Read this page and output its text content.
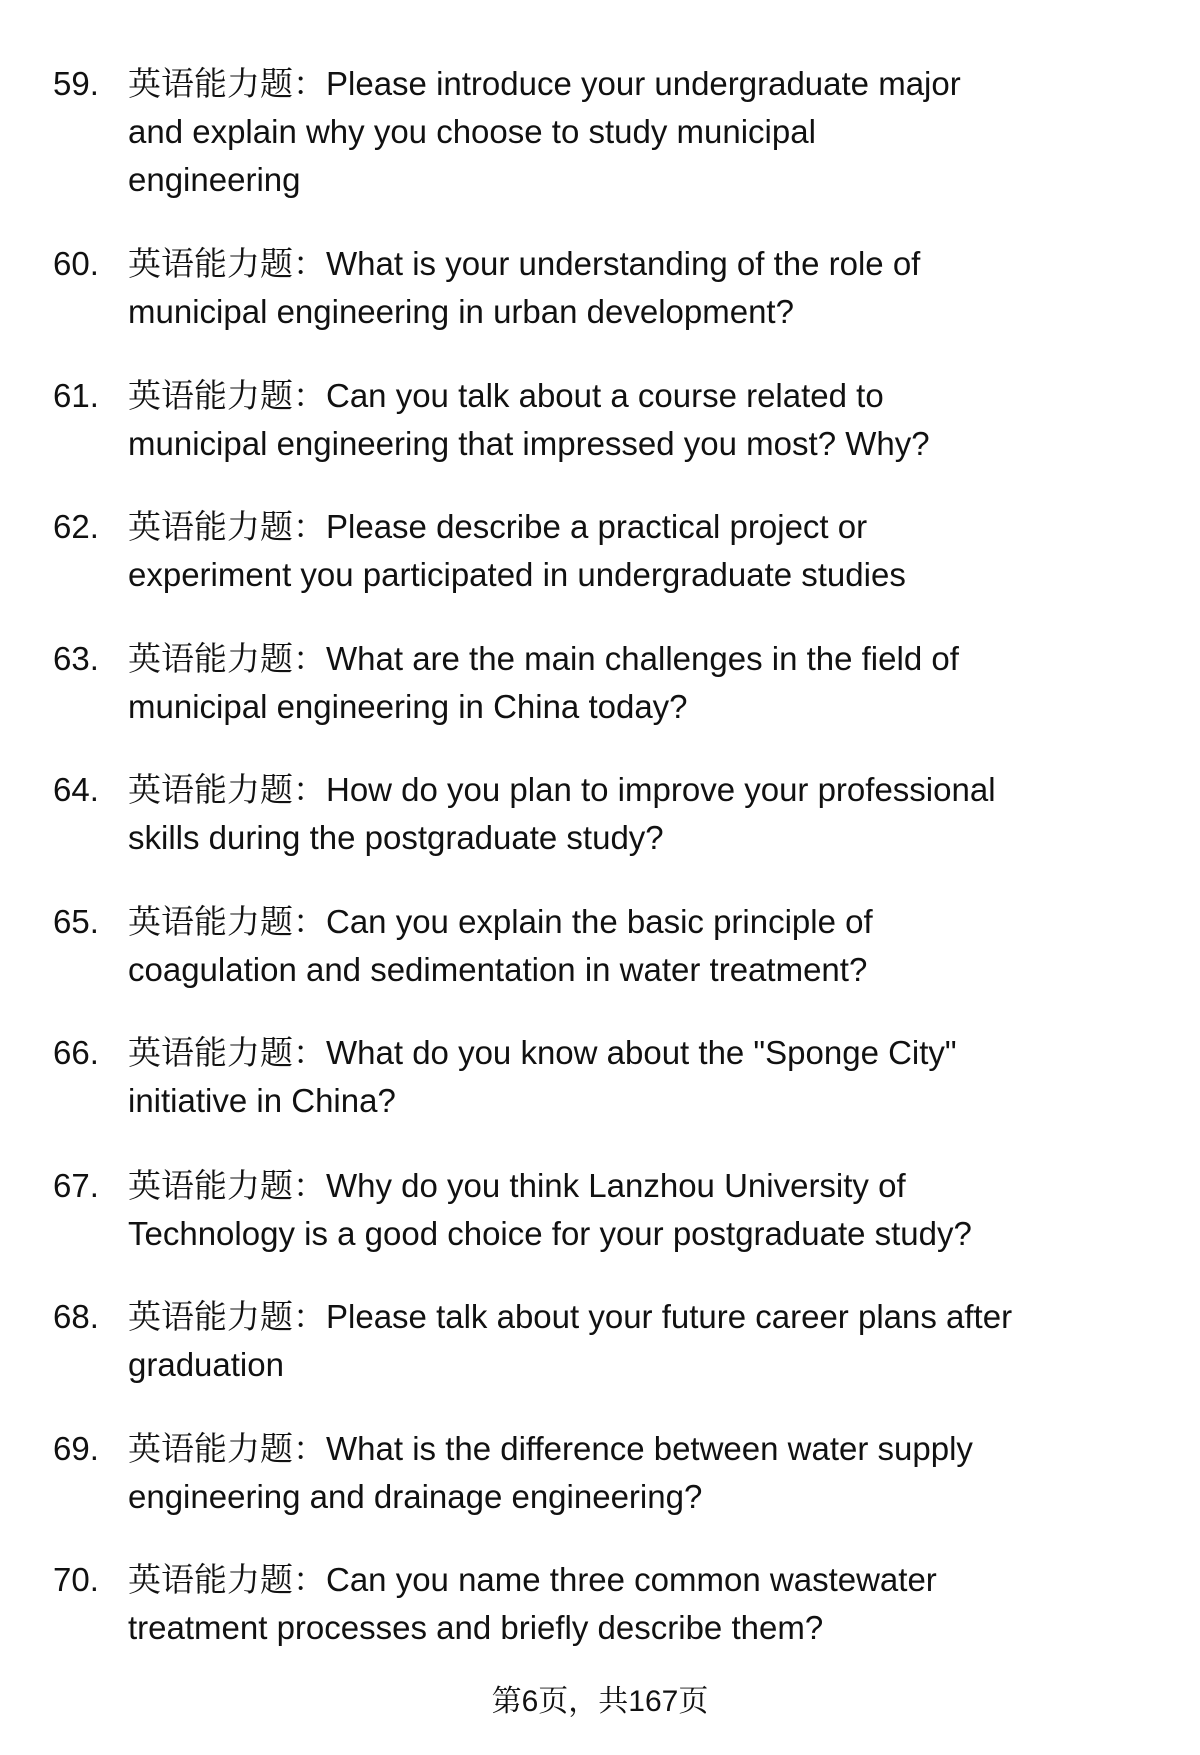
59. 英语能力题：Please introduce your undergraduate major
and explain why you choose to study municipal
engineering
60. 英语能力题：What is your understanding of the role of
municipal engineering in urban development?
61. 英语能力题：Can you talk about a course related to
municipal engineering that impressed you most? Why?
62. 英语能力题：Please describe a practical project or
experiment you participated in undergraduate studies
63. 英语能力题：What are the main challenges in the field of
municipal engineering in China today?
64. 英语能力题：How do you plan to improve your professional
skills during the postgraduate study?
65. 英语能力题：Can you explain the basic principle of
coagulation and sedimentation in water treatment?
66. 英语能力题：What do you know about the "Sponge City"
initiative in China?
67. 英语能力题：Why do you think Lanzhou University of
Technology is a good choice for your postgraduate study?
68. 英语能力题：Please talk about your future career plans after
graduation
69. 英语能力题：What is the difference between water supply
engineering and drainage engineering?
70. 英语能力题：Can you name three common wastewater
treatment processes and briefly describe them?
第6页，共167页
